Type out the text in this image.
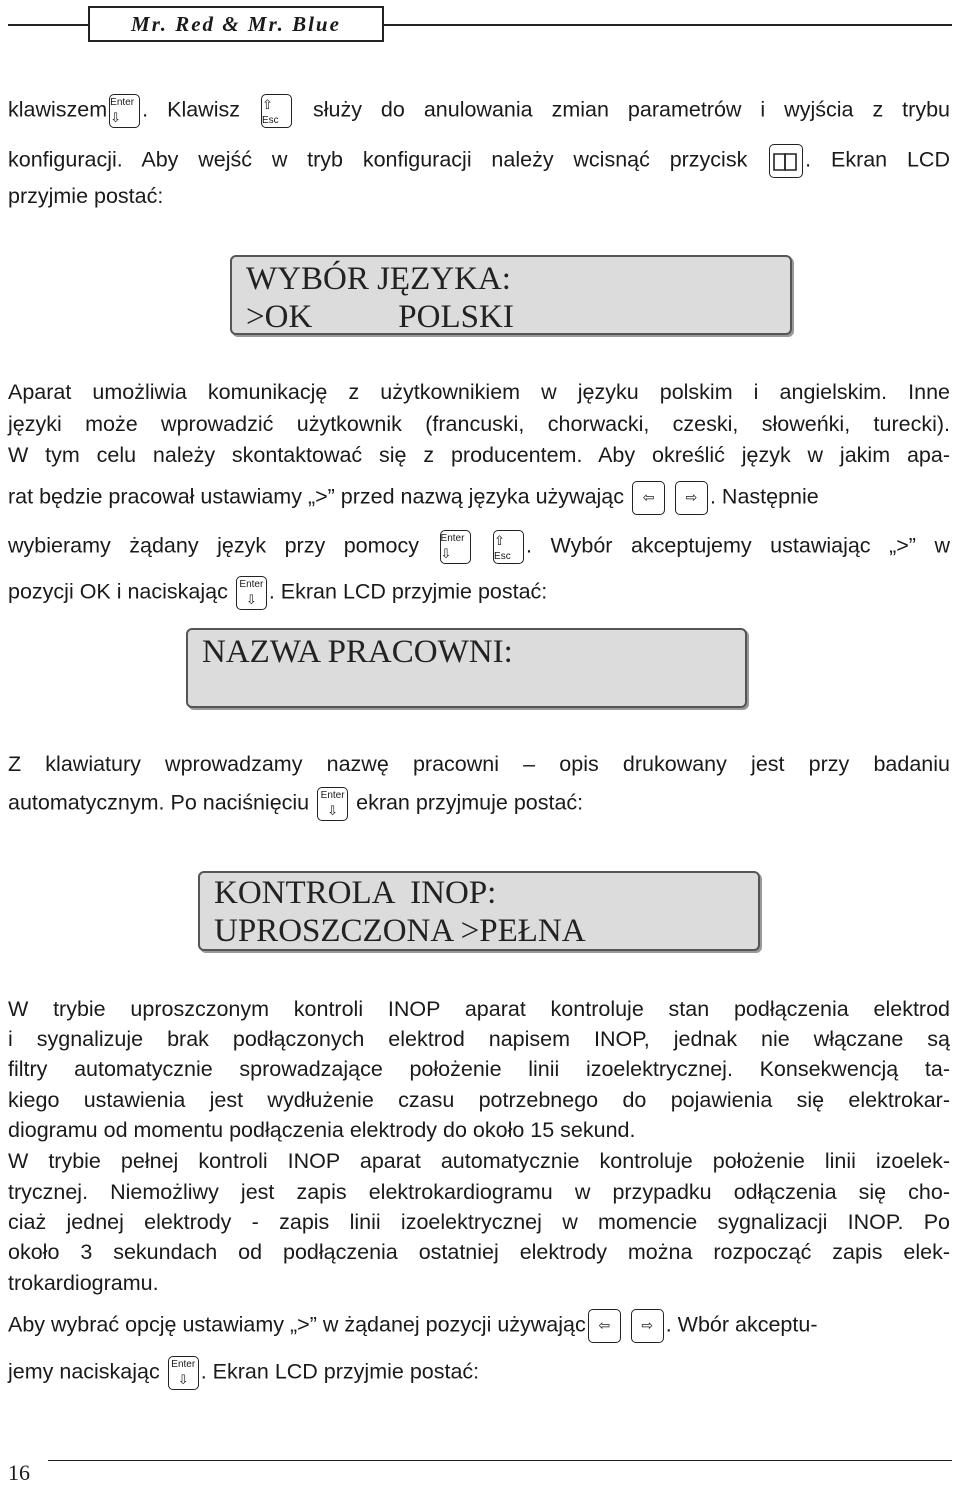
Mr. Red & Mr. Blue
klawiszem Enter
⇩ . Klawisz ⇧
Esc	służy do anulowania zmian parametrów i wyjścia z trybu
konfiguracji. Aby wejść w tryb konfiguracji należy wcisnąć przycisk	. Ekran LCD
przyjmie postać:
WYBÓR JĘZYKA:
>OK	POLSKI
Aparat umożliwia komunikację z użytkownikiem w języku polskim i angielskim. Inne
języki może wprowadzić użytkownik (francuski, chorwacki, czeski, słoweńki, turecki).
W tym celu należy skontaktować się z producentem. Aby określić język w jakim apa-
rat będzie pracował ustawiamy „>” przed nazwą języka używając	⇦
	⇨ . Następnie
wybieramy żądany język przy pomocy Enter
⇩

⇧
Esc . Wybór akceptujemy ustawiając „>” w
pozycji OK i naciskając Enter
⇩ . Ekran LCD przyjmie postać:
NAZWA PRACOWNI:
Z klawiatury wprowadzamy nazwę pracowni – opis drukowany jest przy badaniu
automatycznym. Po naciśnięciu Enter
⇩ ekran przyjmuje postać:
KONTROLA  INOP:
UPROSZCZONA >PEŁNA
W trybie uproszczonym kontroli INOP aparat kontroluje stan podłączenia elektrod
i sygnalizuje brak podłączonych elektrod napisem INOP, jednak nie włączane są
filtry automatycznie sprowadzające położenie linii izoelektrycznej. Konsekwencją ta-
kiego ustawienia jest wydłużenie czasu potrzebnego do pojawienia się elektrokar-
diogramu od momentu podłączenia elektrody do około 15 sekund.
W trybie pełnej kontroli INOP aparat automatycznie kontroluje położenie linii izoelek-
trycznej. Niemożliwy jest zapis elektrokardiogramu w przypadku odłączenia się cho-
ciaż jednej elektrody - zapis linii izoelektrycznej w momencie sygnalizacji INOP. Po
około 3 sekundach od podłączenia ostatniej elektrody można rozpocząć zapis elek-
trokardiogramu.
Aby wybrać opcję ustawiamy „>” w żądanej pozycji używając ⇦
	⇨ . Wbór akceptu-
jemy naciskając Enter
⇩ . Ekran LCD przyjmie postać:
16
